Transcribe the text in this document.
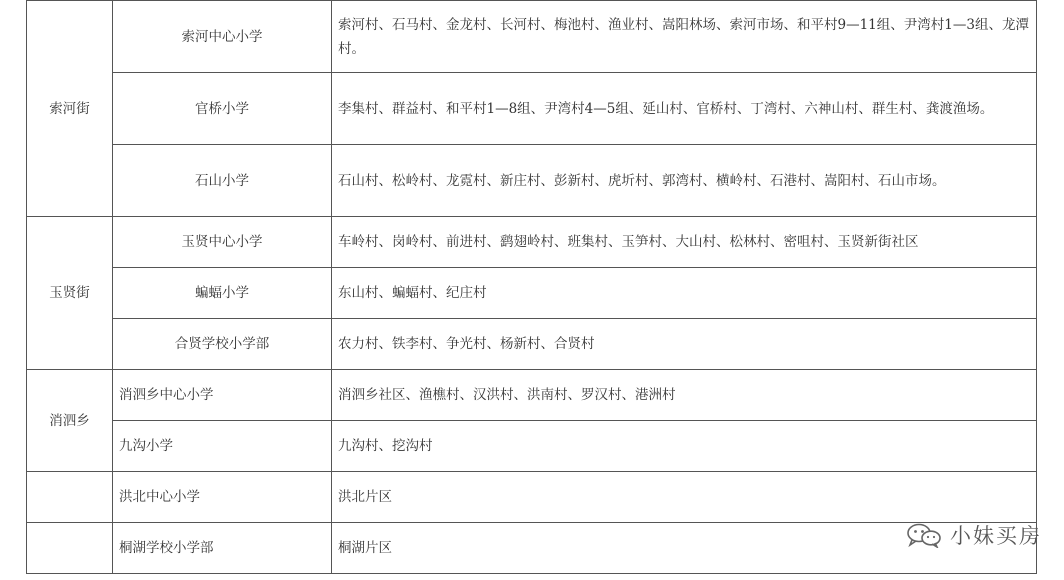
索河街	索河中心小学	索河村、石马村、金龙村、长河村、梅池村、渔业村、嵩阳林场、索河市场、和平村9—11组、尹湾村1—3组、龙潭村。
	官桥小学	李集村、群益村、和平村1—8组、尹湾村4—5组、延山村、官桥村、丁湾村、六神山村、群生村、龚渡渔场。
	石山小学	石山村、松岭村、龙霓村、新庄村、彭新村、虎圻村、郭湾村、横岭村、石港村、嵩阳村、石山市场。
玉贤街	玉贤中心小学	车岭村、岗岭村、前进村、鹞翅岭村、班集村、玉笋村、大山村、松林村、密咀村、玉贤新街社区
	蝙蝠小学	东山村、蝙蝠村、纪庄村
	合贤学校小学部	农力村、铁李村、争光村、杨新村、合贤村
消泗乡	消泗乡中心小学	消泗乡社区、渔樵村、汉洪村、洪南村、罗汉村、港洲村
	九沟小学	九沟村、挖沟村
	洪北中心小学	洪北片区
	桐湖学校小学部	桐湖片区	小妹买房
